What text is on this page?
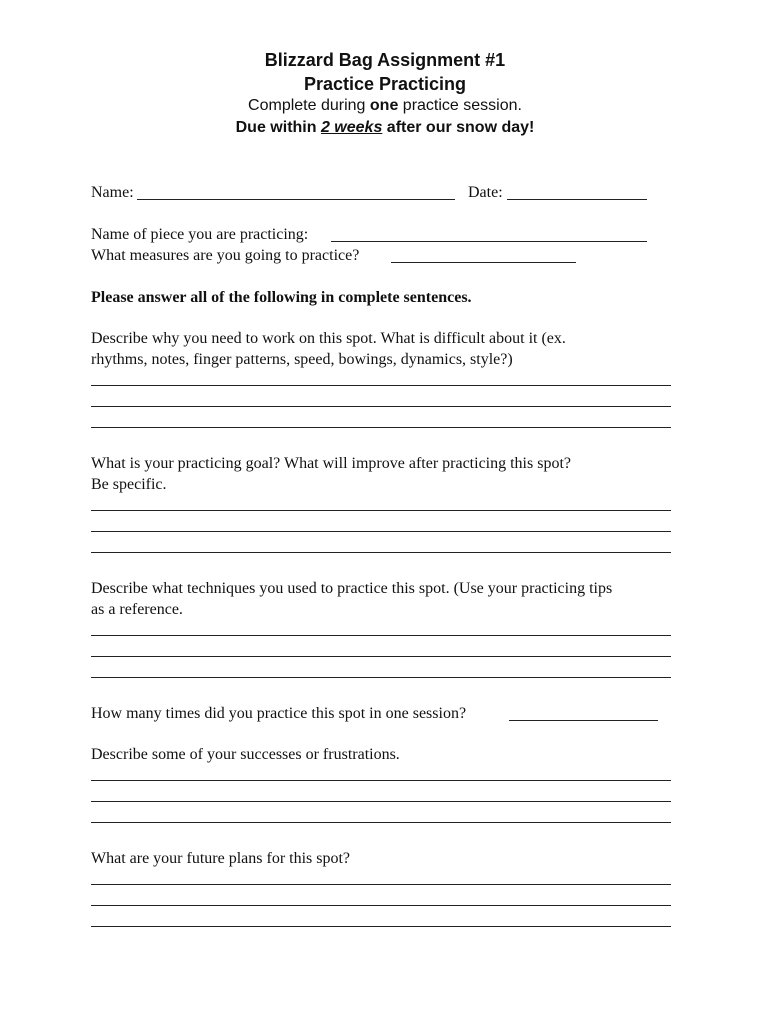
Blizzard Bag Assignment #1
Practice Practicing
Complete during one practice session.
Due within 2 weeks after our snow day!
Name:	Date:
Name of piece you are practicing:
What measures are you going to practice?
Please answer all of the following in complete sentences.
Describe why you need to work on this spot. What is difficult about it (ex.
rhythms, notes, finger patterns, speed, bowings, dynamics, style?)
What is your practicing goal? What will improve after practicing this spot?
Be specific.
Describe what techniques you used to practice this spot. (Use your practicing tips
as a reference.
How many times did you practice this spot in one session?
Describe some of your successes or frustrations.
What are your future plans for this spot?
